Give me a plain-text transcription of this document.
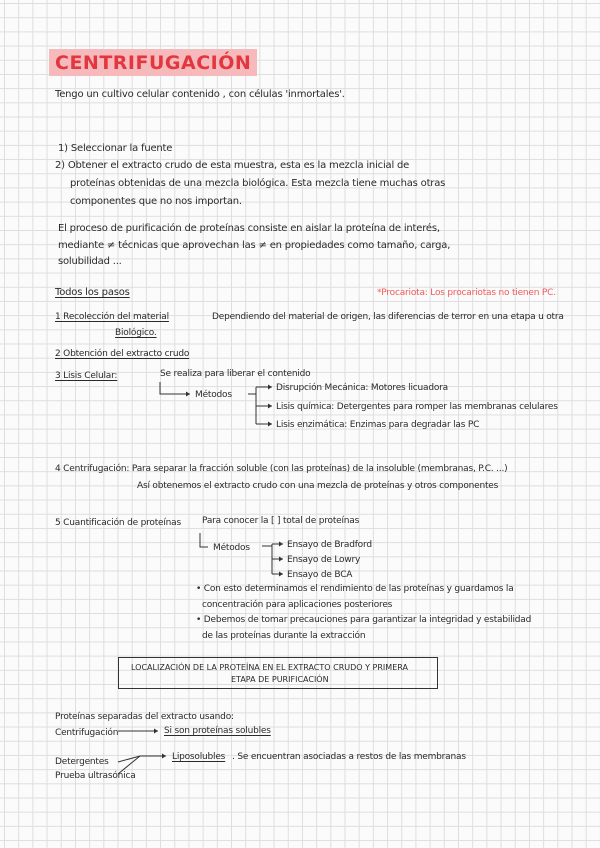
CENTRIFUGACIÓN
Tengo un cultivo celular contenido , con células 'inmortales'.
1) Seleccionar la fuente
2) Obtener el extracto crudo de esta muestra, esta es la mezcla inicial de
proteínas obtenidas de una mezcla biológica. Esta mezcla tiene muchas otras
componentes que no nos importan.
El proceso de purificación de proteínas consiste en aislar la proteína de interés,
mediante ≠ técnicas que aprovechan las ≠ en propiedades como tamaño, carga,
solubilidad ...
Todos los pasos	*Procariota: Los procariotas no tienen PC.
1 Recolección del material	Dependiendo del material de origen, las diferencias de terror en una etapa u otra
Biológico.
2 Obtención del extracto crudo
3 Lisis Celular:	Se realiza para liberar el contenido
Métodos
Disrupción Mecánica: Motores licuadora
Lisis química: Detergentes para romper las membranas celulares
Lisis enzimática: Enzimas para degradar las PC
4 Centrifugación: Para separar la fracción soluble (con las proteínas) de la insoluble (membranas, P.C. ...)
Así obtenemos el extracto crudo con una mezcla de proteínas y otros componentes
5 Cuantificación de proteínas Para conocer la [ ] total de proteínas
Métodos	Ensayo de Bradford
Ensayo de Lowry
Ensayo de BCA
• Con esto determinamos el rendimiento de las proteínas y guardamos la
concentración para aplicaciones posteriores
• Debemos de tomar precauciones para garantizar la integridad y estabilidad
de las proteínas durante la extracción
LOCALIZACIÓN DE LA PROTEÍNA EN EL EXTRACTO CRUDO Y PRIMERA
ETAPA DE PURIFICACIÓN
Proteínas separadas del extracto usando:
Centrifugación	Si son proteínas solubles
Detergentes
Prueba ultrasónica
Liposolubles . Se encuentran asociadas a restos de las membranas
